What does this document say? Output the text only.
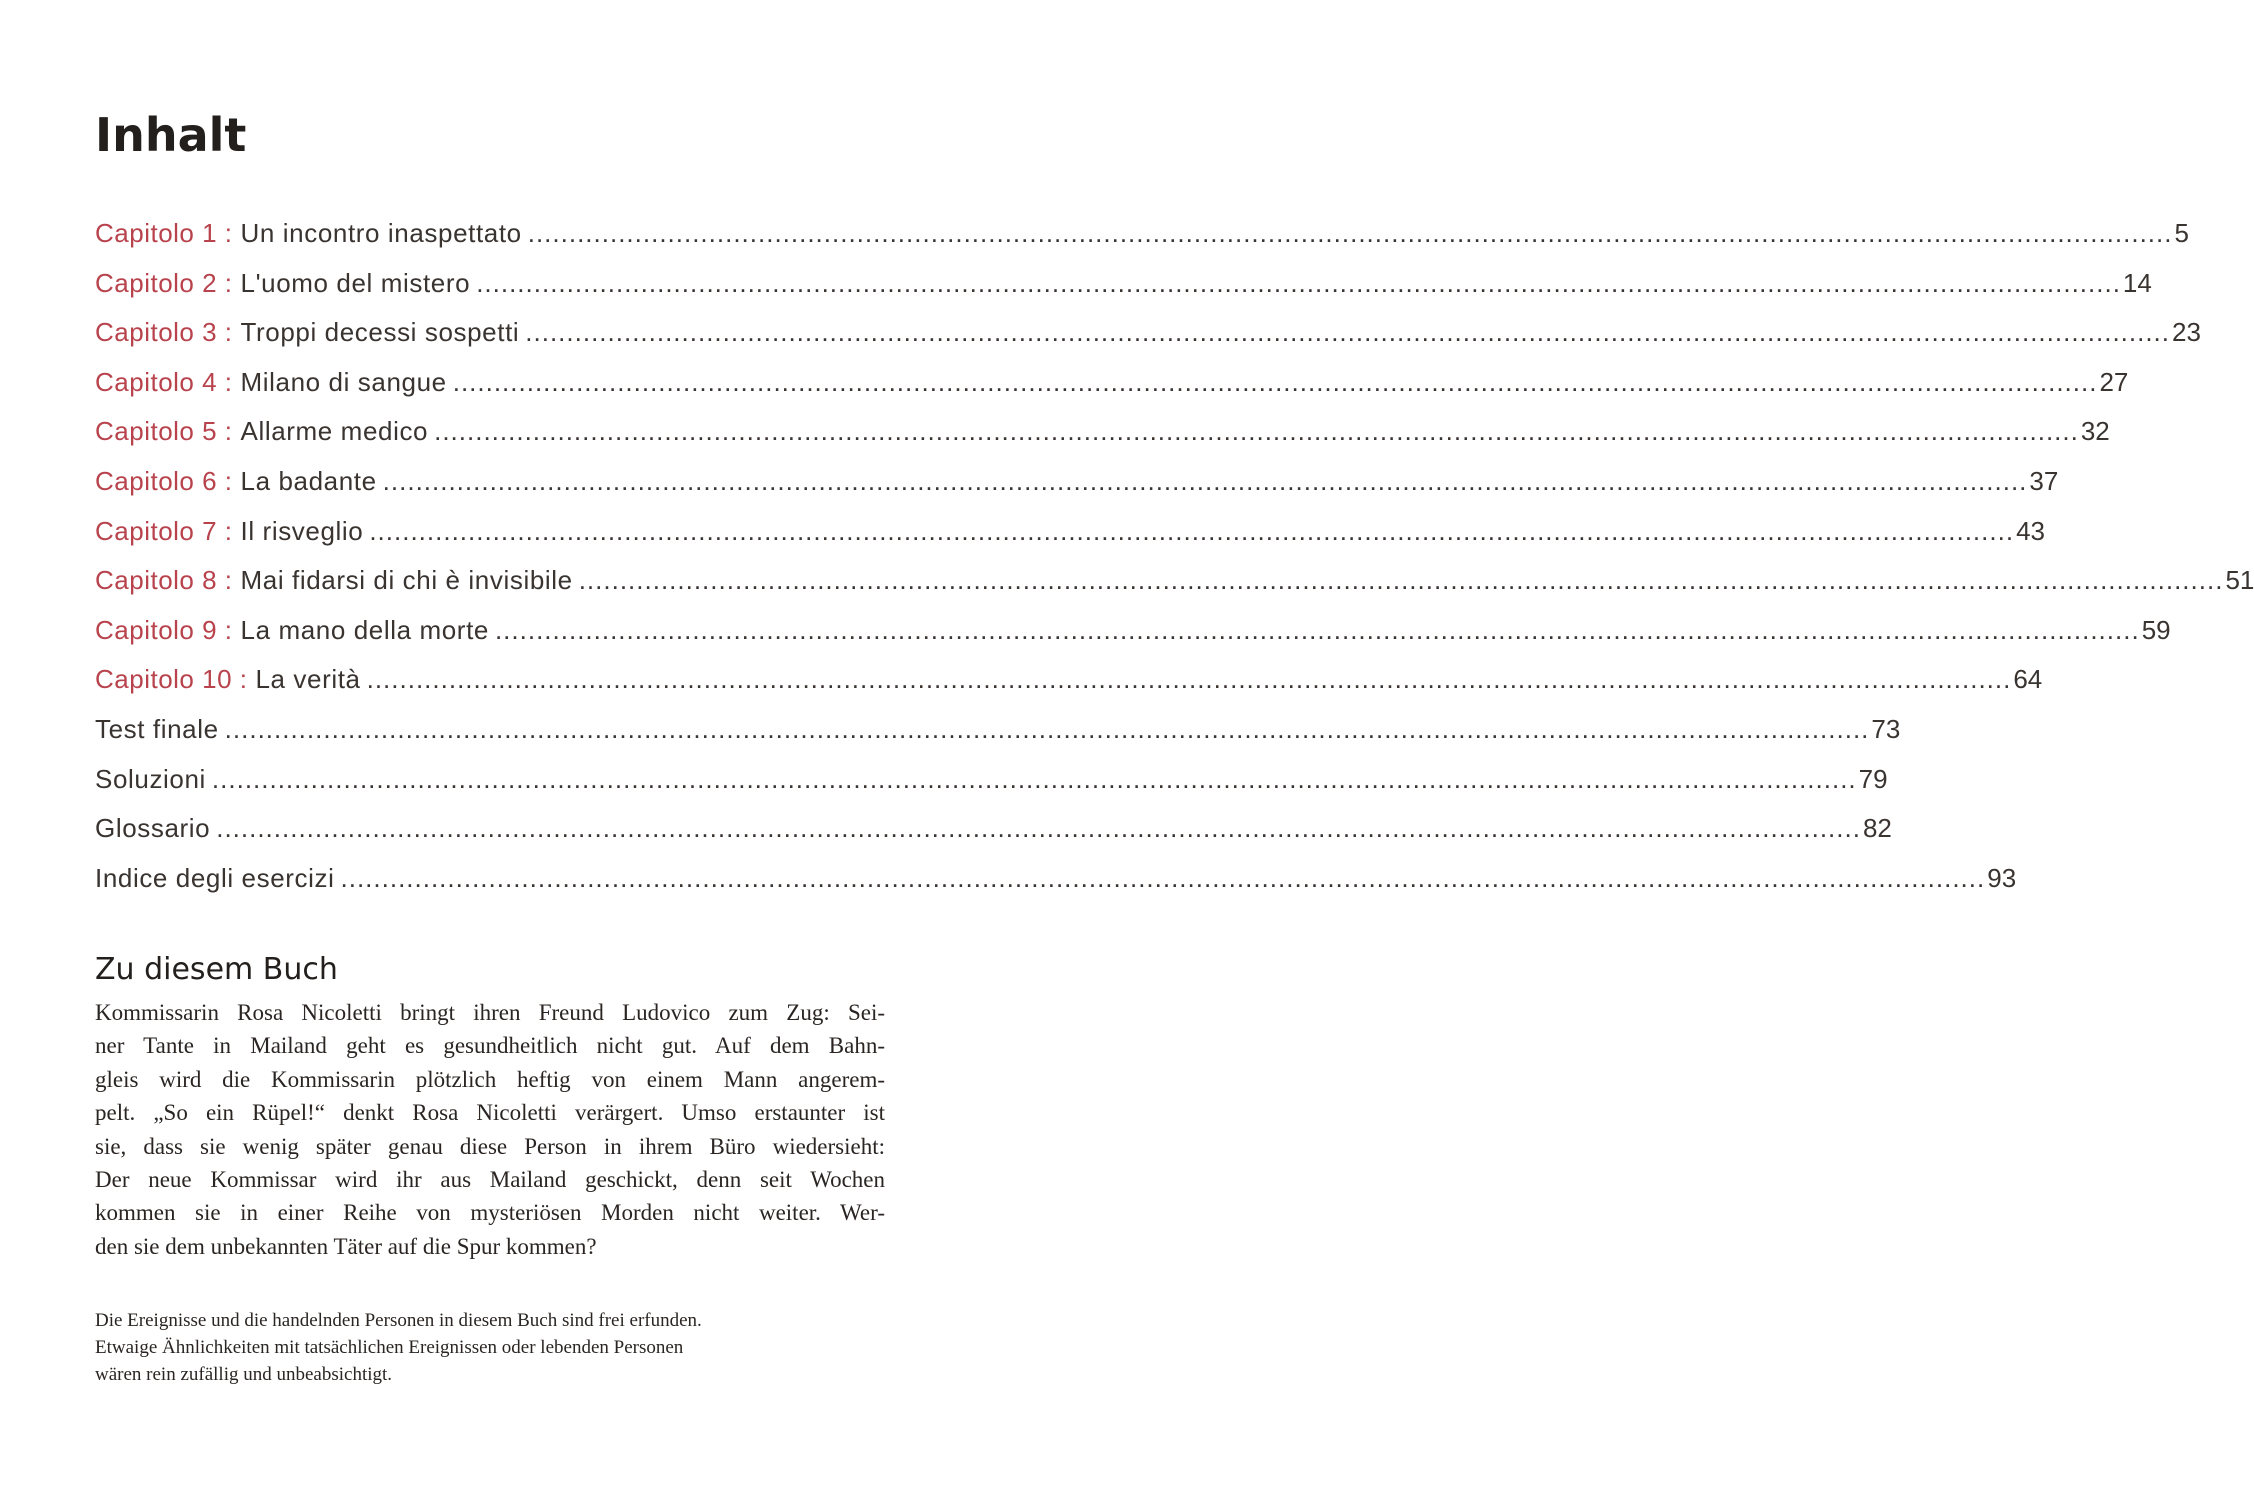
Inhalt
Capitolo 1 : Un incontro inaspettato ........................................................................................................................................................................................................ 5
Capitolo 2 : L'uomo del mistero ........................................................................................................................................................................................................ 14
Capitolo 3 : Troppi decessi sospetti ........................................................................................................................................................................................................ 23
Capitolo 4 : Milano di sangue ........................................................................................................................................................................................................ 27
Capitolo 5 : Allarme medico ........................................................................................................................................................................................................ 32
Capitolo 6 : La badante ........................................................................................................................................................................................................ 37
Capitolo 7 : Il risveglio ........................................................................................................................................................................................................ 43
Capitolo 8 : Mai fidarsi di chi è invisibile ........................................................................................................................................................................................................ 51
Capitolo 9 : La mano della morte ........................................................................................................................................................................................................ 59
Capitolo 10 : La verità ........................................................................................................................................................................................................ 64
Test finale ........................................................................................................................................................................................................ 73
Soluzioni ........................................................................................................................................................................................................ 79
Glossario ........................................................................................................................................................................................................ 82
Indice degli esercizi ........................................................................................................................................................................................................ 93
Zu diesem Buch
Kommissarin Rosa Nicoletti bringt ihren Freund Ludovico zum Zug: Sei-
ner Tante in Mailand geht es gesundheitlich nicht gut. Auf dem Bahn-
gleis wird die Kommissarin plötzlich heftig von einem Mann angerem-
pelt. „So ein Rüpel!“ denkt Rosa Nicoletti verärgert. Umso erstaunter ist
sie, dass sie wenig später genau diese Person in ihrem Büro wiedersieht:
Der neue Kommissar wird ihr aus Mailand geschickt, denn seit Wochen
kommen sie in einer Reihe von mysteriösen Morden nicht weiter. Wer-
den sie dem unbekannten Täter auf die Spur kommen?
Die Ereignisse und die handelnden Personen in diesem Buch sind frei erfunden.
Etwaige Ähnlichkeiten mit tatsächlichen Ereignissen oder lebenden Personen
wären rein zufällig und unbeabsichtigt.
